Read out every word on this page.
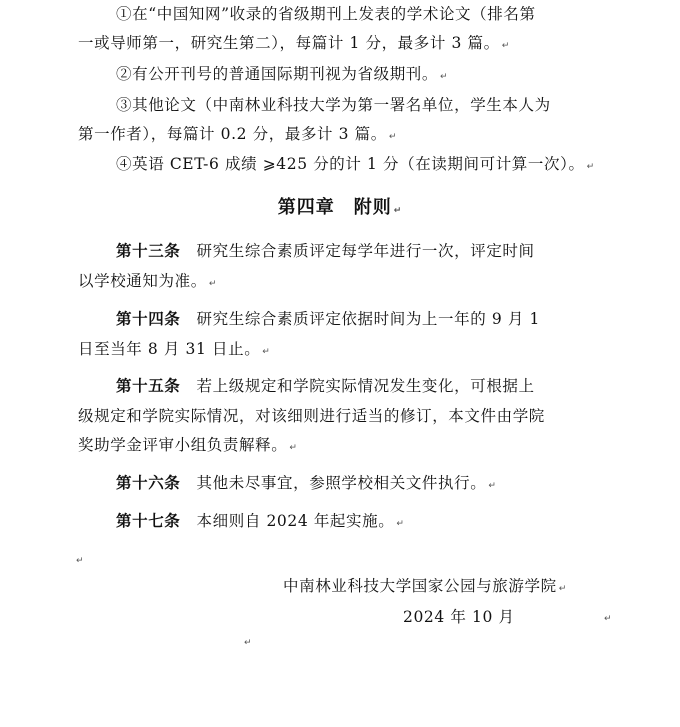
①在“中国知网”收录的省级期刊上发表的学术论文（排名第
一或导师第一，研究生第二），每篇计 1 分，最多计 3 篇。 ↵
②有公开刊号的普通国际期刊视为省级期刊。 ↵
③其他论文（中南林业科技大学为第一署名单位，学生本人为
第一作者），每篇计 0.2 分，最多计 3 篇。 ↵
④英语 CET-6 成绩 ⩾425 分的计 1 分（在读期间可计算一次）。 ↵
第四章　附则 ↵
第十三条　 研究生综合素质评定每学年进行一次，评定时间
以学校通知为准。 ↵
第十四条　 研究生综合素质评定依据时间为上一年的 9 月 1
日至当年 8 月 31 日止。 ↵
第十五条　 若上级规定和学院实际情况发生变化，可根据上
级规定和学院实际情况，对该细则进行适当的修订，本文件由学院
奖助学金评审小组负责解释。 ↵
第十六条　 其他未尽事宜，参照学校相关文件执行。 ↵
第十七条　 本细则自 2024 年起实施。 ↵
↵
中南林业科技大学国家公园与旅游学院 ↵
2024 年 10 月	↵
↵
